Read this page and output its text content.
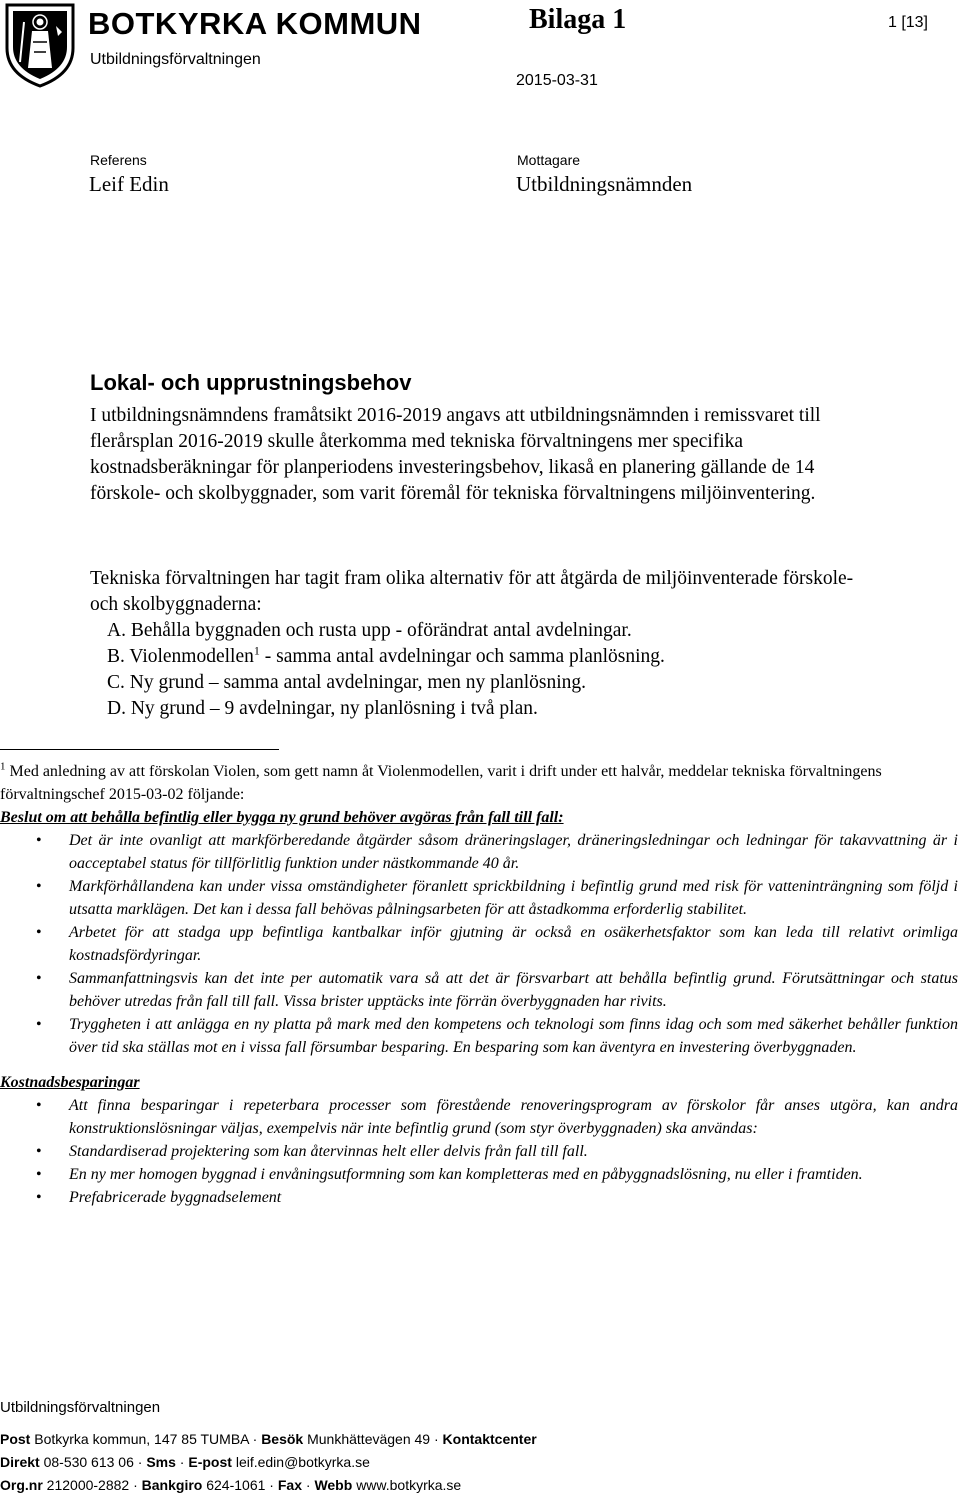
BOTKYRKA KOMMUN
Utbildningsförvaltningen
Bilaga 1	1 [13]
2015-03-31
Referens
Leif Edin
Mottagare
Utbildningsnämnden
Lokal- och upprustningsbehov
I utbildningsnämndens framåtsikt 2016-2019 angavs att utbildningsnämnden i remissvaret till flerårsplan 2016-2019 skulle återkomma med tekniska förvaltningens mer specifika kostnadsberäkningar för planperiodens investeringsbehov, likaså en planering gällande de 14 förskole- och skolbyggnader, som varit föremål för tekniska förvaltningens miljöinventering.
Tekniska förvaltningen har tagit fram olika alternativ för att åtgärda de miljöinventerade förskole- och skolbyggnaderna:
A. Behålla byggnaden och rusta upp - oförändrat antal avdelningar.
B. Violenmodellen$^1$ - samma antal avdelningar och samma planlösning.
C. Ny grund – samma antal avdelningar, men ny planlösning.
D. Ny grund – 9 avdelningar, ny planlösning i två plan.
$^1$ Med anledning av att förskolan Violen, som gett namn åt Violenmodellen, varit i drift under ett halvår, meddelar tekniska förvaltningens förvaltningschef 2015-03-02 följande:
Beslut om att behålla befintlig eller bygga ny grund behöver avgöras från fall till fall:
• Det är inte ovanligt att markförberedande åtgärder såsom dräneringslager, dräneringsledningar och ledningar för takavvattning är i oacceptabel status för tillförlitlig funktion under nästkommande 40 år.
• Markförhållandena kan under vissa omständigheter föranlett sprickbildning i befintlig grund med risk för vatteninträngning som följd i utsatta marklägen. Det kan i dessa fall behövas pålningsarbeten för att åstadkomma erforderlig stabilitet.
• Arbetet för att stadga upp befintliga kantbalkar inför gjutning är också en osäkerhetsfaktor som kan leda till relativt orimliga kostnadsfördyringar.
• Sammanfattningsvis kan det inte per automatik vara så att det är försvarbart att behålla befintlig grund. Förutsättningar och status behöver utredas från fall till fall. Vissa brister upptäcks inte förrän överbyggnaden har rivits.
• Tryggheten i att anlägga en ny platta på mark med den kompetens och teknologi som finns idag och som med säkerhet behåller funktion över tid ska ställas mot en i vissa fall försumbar besparing. En besparing som kan äventyra en investering överbyggnaden.
Kostnadsbesparingar
• Att finna besparingar i repeterbara processer som förestående renoveringsprogram av förskolor får anses utgöra, kan andra konstruktionslösningar väljas, exempelvis när inte befintlig grund (som styr överbyggnaden) ska användas:
• Standardiserad projektering som kan återvinnas helt eller delvis från fall till fall.
• En ny mer homogen byggnad i envåningsutformning som kan kompletteras med en påbyggnadslösning, nu eller i framtiden.
• Prefabricerade byggnadselement
Utbildningsförvaltningen
Post Botkyrka kommun, 147 85 TUMBA · Besök Munkhättevägen 49 · Kontaktcenter
Direkt 08-530 613 06 · Sms · E-post leif.edin@botkyrka.se
Org.nr 212000-2882 · Bankgiro 624-1061 · Fax · Webb www.botkyrka.se
